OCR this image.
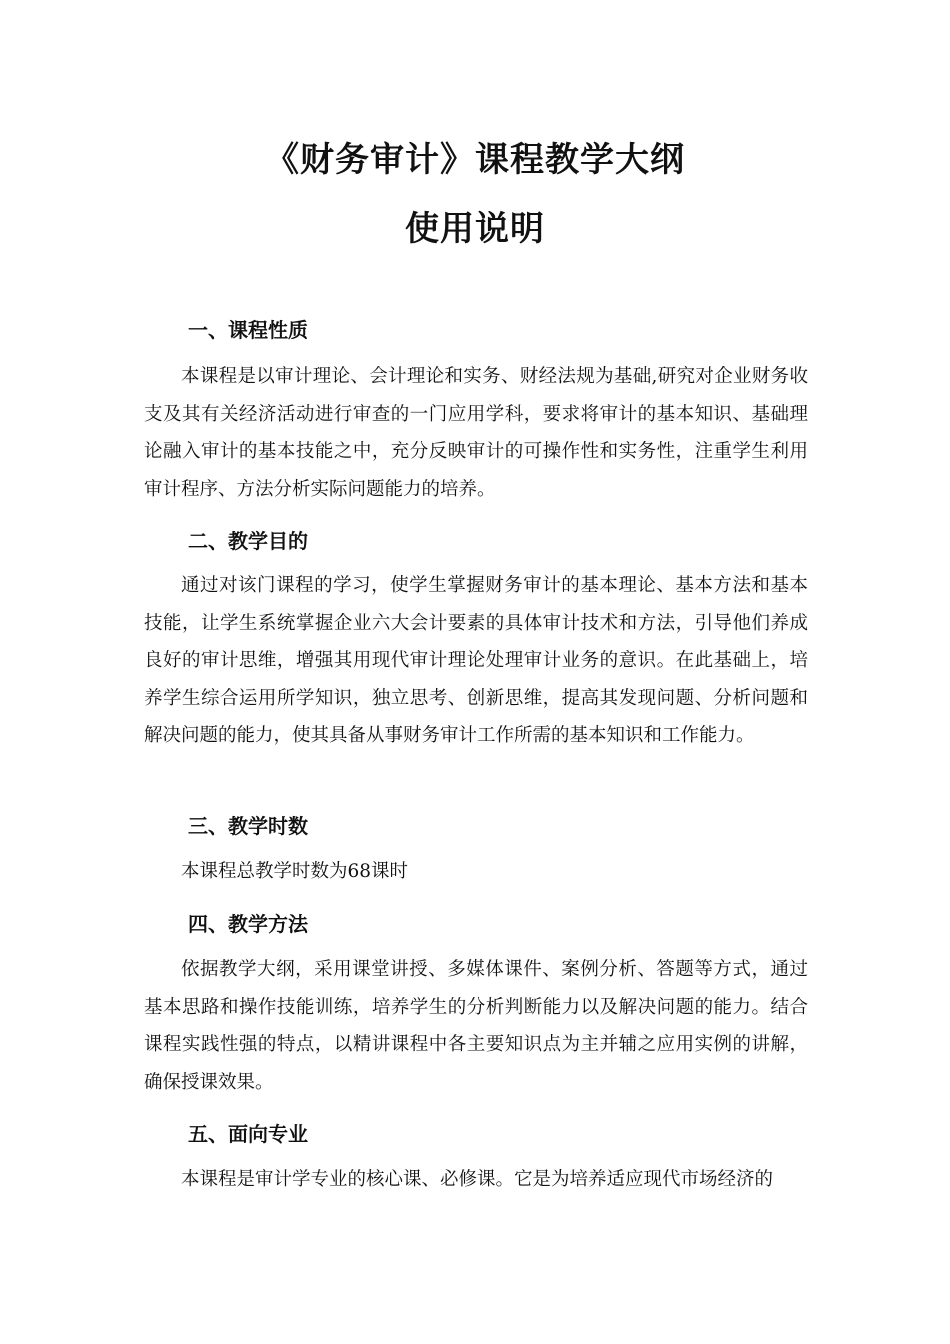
《财务审计》课程教学大纲
使用说明
一、课程性质
本课程是以审计理论、会计理论和实务、财经法规为基础,研究对企业财务收支及其有关经济活动进行审查的一门应用学科，要求将审计的基本知识、基础理论融入审计的基本技能之中，充分反映审计的可操作性和实务性，注重学生利用审计程序、方法分析实际问题能力的培养。
二、教学目的
通过对该门课程的学习，使学生掌握财务审计的基本理论、基本方法和基本技能，让学生系统掌握企业六大会计要素的具体审计技术和方法，引导他们养成良好的审计思维，增强其用现代审计理论处理审计业务的意识。在此基础上，培养学生综合运用所学知识，独立思考、创新思维，提高其发现问题、分析问题和解决问题的能力，使其具备从事财务审计工作所需的基本知识和工作能力。
三、教学时数
本课程总教学时数为68课时
四、教学方法
依据教学大纲，采用课堂讲授、多媒体课件、案例分析、答题等方式，通过基本思路和操作技能训练，培养学生的分析判断能力以及解决问题的能力。结合课程实践性强的特点，以精讲课程中各主要知识点为主并辅之应用实例的讲解，确保授课效果。
五、面向专业
本课程是审计学专业的核心课、必修课。它是为培养适应现代市场经济的
